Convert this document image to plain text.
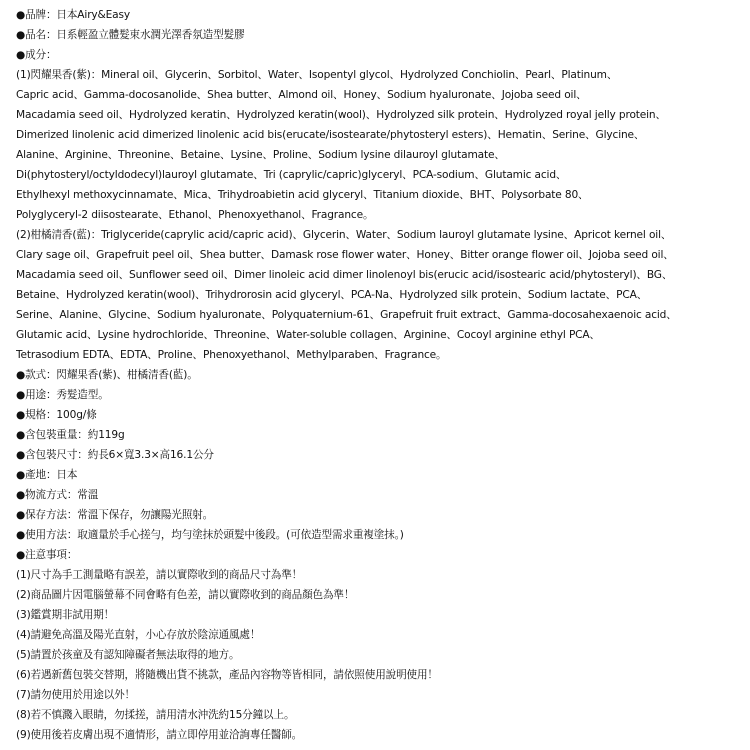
●品牌：日本Airy&Easy
●品名：日系輕盈立體髮束水潤光澤香氛造型髮膠
●成分：
(1)閃耀果香(紫)：Mineral oil、Glycerin、Sorbitol、Water、Isopentyl glycol、Hydrolyzed Conchiolin、Pearl、Platinum、
Capric acid、Gamma-docosanolide、Shea butter、Almond oil、Honey、Sodium hyaluronate、Jojoba seed oil、
Macadamia seed oil、Hydrolyzed keratin、Hydrolyzed keratin(wool)、Hydrolyzed silk protein、Hydrolyzed royal jelly protein、
Dimerized linolenic acid dimerized linolenic acid bis(erucate/isostearate/phytosteryl esters)、Hematin、Serine、Glycine、
Alanine、Arginine、Threonine、Betaine、Lysine、Proline、Sodium lysine dilauroyl glutamate、
Di(phytosteryl/octyldodecyl)lauroyl glutamate、Tri (caprylic/capric)glyceryl、PCA-sodium、Glutamic acid、
Ethylhexyl methoxycinnamate、Mica、Trihydroabietin acid glyceryl、Titanium dioxide、BHT、Polysorbate 80、
Polyglyceryl-2 diisostearate、Ethanol、Phenoxyethanol、Fragrance。
(2)柑橘清香(藍)：Triglyceride(caprylic acid/capric acid)、Glycerin、Water、Sodium lauroyl glutamate lysine、Apricot kernel oil、
Clary sage oil、Grapefruit peel oil、Shea butter、Damask rose flower water、Honey、Bitter orange flower oil、Jojoba seed oil、
Macadamia seed oil、Sunflower seed oil、Dimer linoleic acid dimer linolenoyl bis(erucic acid/isostearic acid/phytosteryl)、BG、
Betaine、Hydrolyzed keratin(wool)、Trihydrorosin acid glyceryl、PCA-Na、Hydrolyzed silk protein、Sodium lactate、PCA、
Serine、Alanine、Glycine、Sodium hyaluronate、Polyquaternium-61、Grapefruit fruit extract、Gamma-docosahexaenoic acid、
Glutamic acid、Lysine hydrochloride、Threonine、Water-soluble collagen、Arginine、Cocoyl arginine ethyl PCA、
Tetrasodium EDTA、EDTA、Proline、Phenoxyethanol、Methylparaben、Fragrance。
●款式：閃耀果香(紫)、柑橘清香(藍)。
●用途：秀髮造型。
●規格：100g/條
●含包裝重量：約119g
●含包裝尺寸：約長6×寬3.3×高16.1公分
●產地：日本
●物流方式：常溫
●保存方法：常溫下保存，勿讓陽光照射。
●使用方法：取適量於手心搓勻，均勻塗抹於頭髮中後段。(可依造型需求重複塗抹。)
●注意事項：
(1)尺寸為手工測量略有誤差，請以實際收到的商品尺寸為準！
(2)商品圖片因電腦螢幕不同會略有色差，請以實際收到的商品顏色為準！
(3)鑑賞期非試用期！
(4)請避免高溫及陽光直射，小心存放於陰涼通風處！
(5)請置於孩童及有認知障礙者無法取得的地方。
(6)若遇新舊包裝交替期，將隨機出貨不挑款，產品內容物等皆相同，請依照使用說明使用！
(7)請勿使用於用途以外！
(8)若不慎濺入眼睛，勿揉搓，請用清水沖洗約15分鐘以上。
(9)使用後若皮膚出現不適情形，請立即停用並洽詢專任醫師。
